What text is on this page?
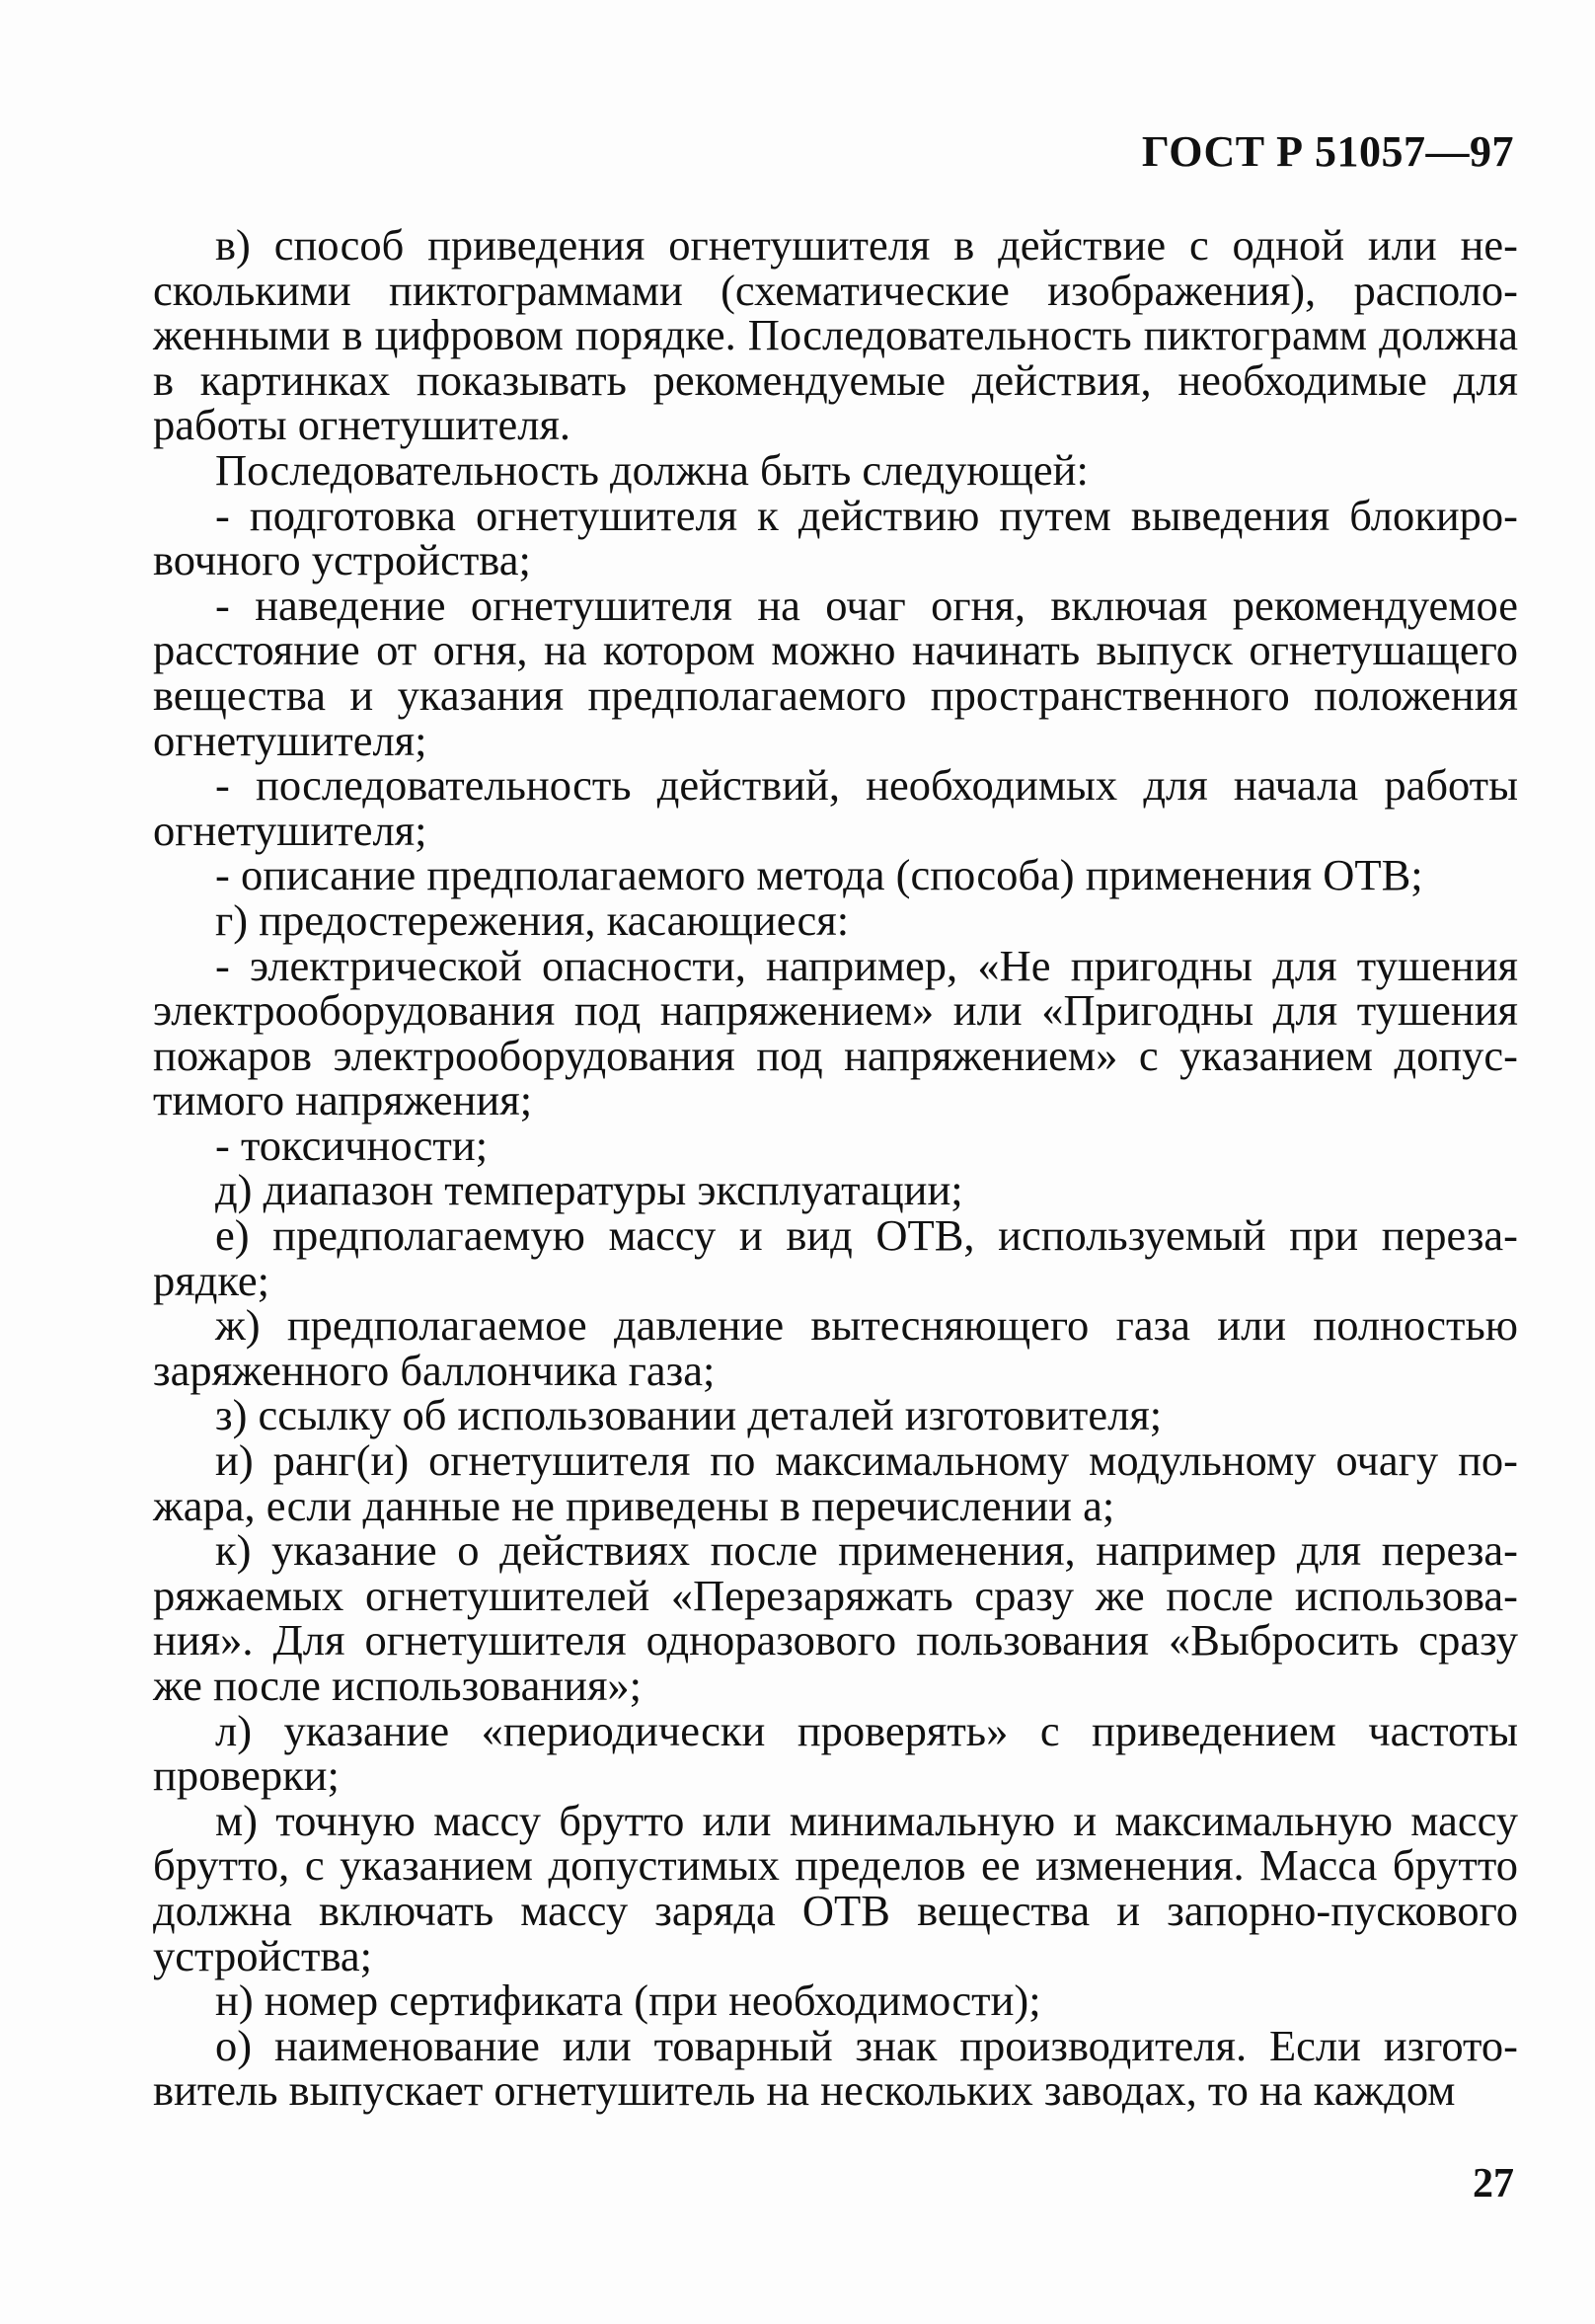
ГОСТ Р 51057—97

в) способ приведения огнетушителя в действие с одной или несколькими пиктограммами (схематические изображения), расположенными в цифровом порядке. Последовательность пиктограмм должна в картинках показывать рекомендуемые действия, необходимые для работы огнетушителя.

Последовательность должна быть следующей:

- подготовка огнетушителя к действию путем выведения блокировочного устройства;

- наведение огнетушителя на очаг огня, включая рекомендуемое расстояние от огня, на котором можно начинать выпуск огнетушащего вещества и указания предполагаемого пространственного положения огнетушителя;

- последовательность действий, необходимых для начала работы огнетушителя;

- описание предполагаемого метода (способа) применения ОТВ;

г) предостережения, касающиеся:

- электрической опасности, например, «Не пригодны для тушения электрооборудования под напряжением» или «Пригодны для тушения пожаров электрооборудования под напряжением» с указанием допустимого напряжения;

- токсичности;

д) диапазон температуры эксплуатации;

е) предполагаемую массу и вид ОТВ, используемый при перезарядке;

ж) предполагаемое давление вытесняющего газа или полностью заряженного баллончика газа;

з) ссылку об использовании деталей изготовителя;

и) ранг(и) огнетушителя по максимальному модульному очагу пожара, если данные не приведены в перечислении а;

к) указание о действиях после применения, например для перезаряжаемых огнетушителей «Перезаряжать сразу же после использования». Для огнетушителя одноразового пользования «Выбросить сразу же после использования»;

л) указание «периодически проверять» с приведением частоты проверки;

м) точную массу брутто или минимальную и максимальную массу брутто, с указанием допустимых пределов ее изменения. Масса брутто должна включать массу заряда ОТВ вещества и запорно-пускового устройства;

н) номер сертификата (при необходимости);

о) наименование или товарный знак производителя. Если изготовитель выпускает огнетушитель на нескольких заводах, то на каждом

27
